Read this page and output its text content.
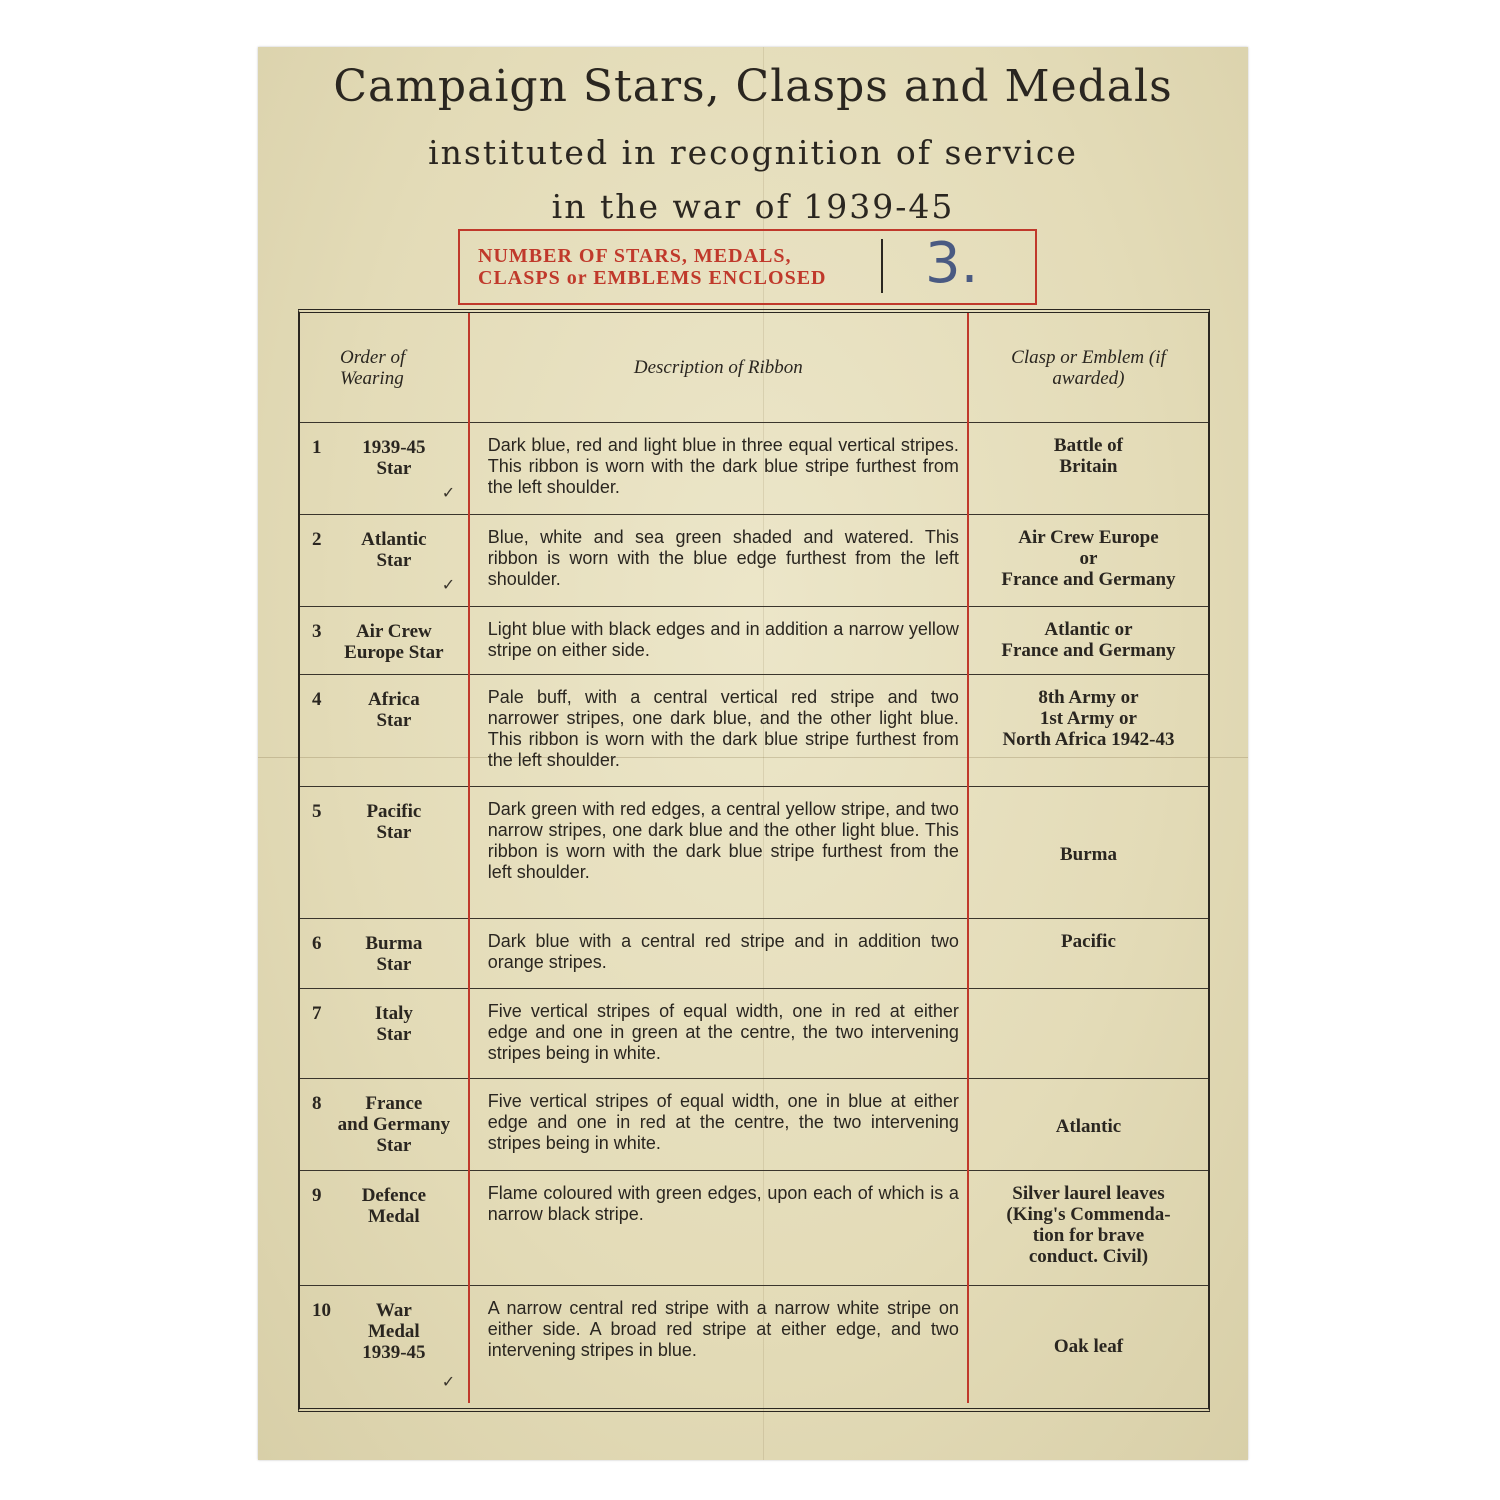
Campaign Stars, Clasps and Medals
instituted in recognition of service
in the war of 1939-45
NUMBER OF STARS, MEDALS, CLASPS or EMBLEMS ENCLOSED	3.
Order of Wearing	Description of Ribbon	Clasp or Emblem (if awarded)

1 1939-45
Star
✓	Dark blue, red and light blue in three equal vertical stripes. This ribbon is worn with the dark blue stripe furthest from the left shoulder.	Battle of
Britain

2 Atlantic
Star
✓	Blue, white and sea green shaded and watered. This ribbon is worn with the blue edge furthest from the left shoulder.	Air Crew Europe
or
France and Germany

3 Air Crew
Europe Star	Light blue with black edges and in addition a narrow yellow stripe on either side.	Atlantic or
France and Germany

4 Africa
Star	Pale buff, with a central vertical red stripe and two narrower stripes, one dark blue, and the other light blue. This ribbon is worn with the dark blue stripe furthest from the left shoulder.	8th Army or
1st Army or
North Africa 1942-43

5 Pacific
Star	Dark green with red edges, a central yellow stripe, and two narrow stripes, one dark blue and the other light blue. This ribbon is worn with the dark blue stripe furthest from the left shoulder.	Burma

6 Burma
Star	Dark blue with a central red stripe and in addition two orange stripes.	Pacific

7 Italy
Star	Five vertical stripes of equal width, one in red at either edge and one in green at the centre, the two intervening stripes being in white.	

8 France
and Germany
Star	Five vertical stripes of equal width, one in blue at either edge and one in red at the centre, the two intervening stripes being in white.	Atlantic

9 Defence
Medal	Flame coloured with green edges, upon each of which is a narrow black stripe.	Silver laurel leaves
(King's Commenda-
tion for brave
conduct. Civil)

10 War
Medal
1939-45
✓	A narrow central red stripe with a narrow white stripe on either side. A broad red stripe at either edge, and two intervening stripes in blue.	Oak leaf
